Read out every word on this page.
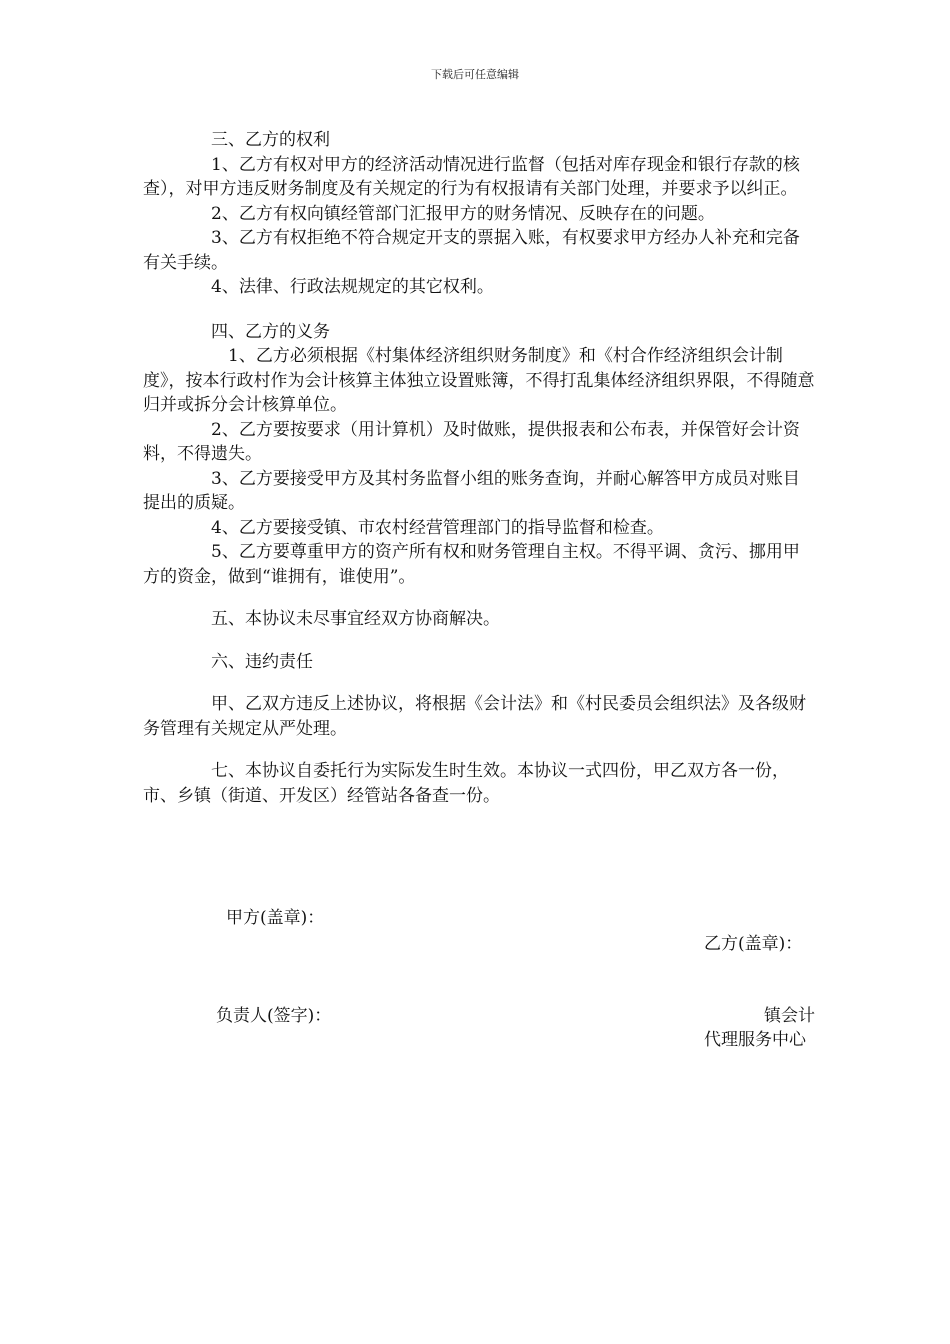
下载后可任意编辑

三、乙方的权利

1、乙方有权对甲方的经济活动情况进行监督（包括对库存现金和银行存款的核查），对甲方违反财务制度及有关规定的行为有权报请有关部门处理，并要求予以纠正。

2、乙方有权向镇经管部门汇报甲方的财务情况、反映存在的问题。

3、乙方有权拒绝不符合规定开支的票据入账，有权要求甲方经办人补充和完备有关手续。

4、法律、行政法规规定的其它权利。

四、乙方的义务

1、乙方必须根据《村集体经济组织财务制度》和《村合作经济组织会计制度》，按本行政村作为会计核算主体独立设置账簿，不得打乱集体经济组织界限，不得随意归并或拆分会计核算单位。

2、乙方要按要求（用计算机）及时做账，提供报表和公布表，并保管好会计资料，不得遗失。

3、乙方要接受甲方及其村务监督小组的账务查询，并耐心解答甲方成员对账目提出的质疑。

4、乙方要接受镇、市农村经营管理部门的指导监督和检查。

5、乙方要尊重甲方的资产所有权和财务管理自主权。不得平调、贪污、挪用甲方的资金，做到“谁拥有，谁使用”。

五、本协议未尽事宜经双方协商解决。

六、违约责任

甲、乙双方违反上述协议，将根据《会计法》和《村民委员会组织法》及各级财务管理有关规定从严处理。

七、本协议自委托行为实际发生时生效。本协议一式四份，甲乙双方各一份，市、乡镇（街道、开发区）经管站各备查一份。

甲方(盖章)：
乙方(盖章)：
负责人(签字)：	镇会计
代理服务中心
